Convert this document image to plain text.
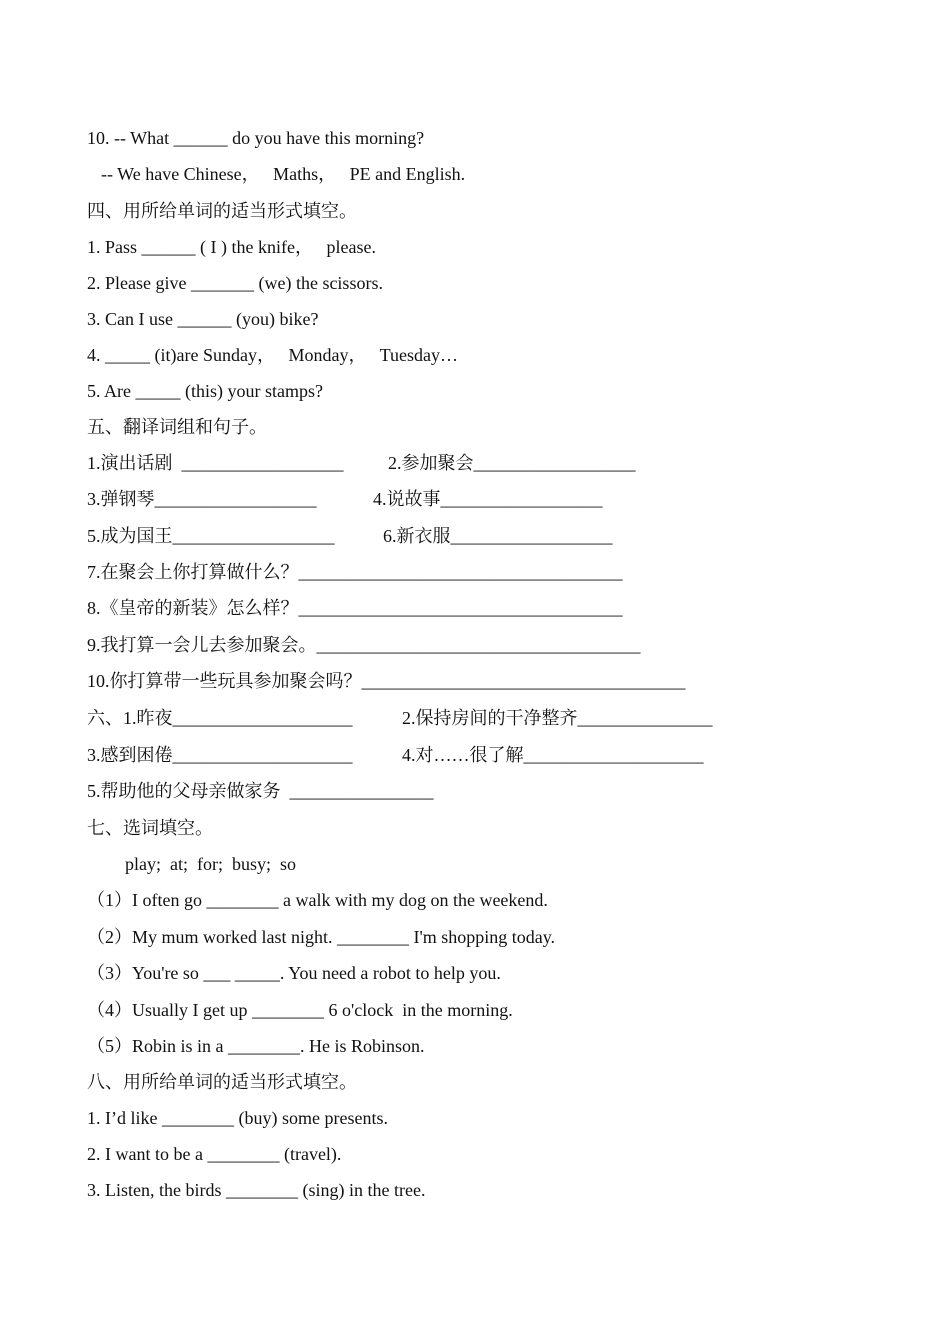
10. -- What ______ do you have this morning?
-- We have Chinese，   Maths，   PE and English.
四、用所给单词的适当形式填空。
1. Pass ______ ( I ) the knife，   please.
2. Please give _______ (we) the scissors.
3. Can I use ______ (you) bike?
4. _____ (it)are Sunday，   Monday，   Tuesday…
5. Are _____ (this) your stamps?
五、翻译词组和句子。
1.演出话剧  __________________ 2.参加聚会__________________
3.弹钢琴__________________	4.说故事__________________
5.成为国王__________________	6.新衣服__________________
7.在聚会上你打算做什么？____________________________________
8.《皇帝的新装》怎么样？____________________________________
9.我打算一会儿去参加聚会。____________________________________
10.你打算带一些玩具参加聚会吗？____________________________________
六、1.昨夜____________________	2.保持房间的干净整齐_______________
3.感到困倦____________________	4.对……很了解____________________
5.帮助他的父母亲做家务  ________________
七、选词填空。
play;  at;  for;  busy;  so
（1）I often go ________ a walk with my dog on the weekend.
（2）My mum worked last night. ________ I'm shopping today.
（3）You're so ___ _____. You need a robot to help you.
（4）Usually I get up ________ 6 o'clock  in the morning.
（5）Robin is in a ________. He is Robinson.
八、用所给单词的适当形式填空。
1. I’d like ________ (buy) some presents.
2. I want to be a ________ (travel).
3. Listen, the birds ________ (sing) in the tree.
